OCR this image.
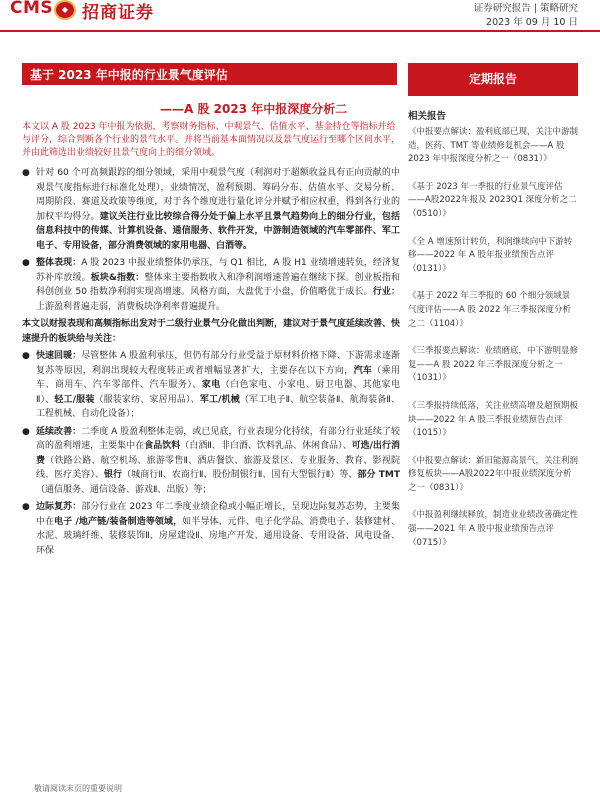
CMS	◆ 招商证券	证券研究报告 | 策略研究
2023 年 09 月 10 日
基于 2023 年中报的行业景气度评估
——A 股 2023 年中报深度分析二
定期报告

本文以 A 股 2023 年中报为依据，考察财务指标、中观景气、估值水平、基金持仓等指标并给与评分，综合判断各个行业的景气水平。并将当前基本面情况以及景气度运行至哪个区间水平，并由此筛选出业绩较好且景气度向上的细分领域。

● 针对 60 个可高频跟踪的细分领域，采用中观景气度（利润对于超额收益具有正向贡献的中观景气度指标进行标准化处理），业绩情况，盈利预期、筹码分布、估值水平、交易分析、周期阶段、赛道及政策等维度，对于各个维度进行量化评分并赋予相应权重，得到各行业的加权平均得分。建议关注行业比较综合得分处于偏上水平且景气趋势向上的细分行业，包括信息科技中的传媒、计算机设备、通信服务、软件开发，中游制造领域的汽车零部件、军工电子、专用设备，部分消费领域的家用电器、白酒等。
● 整体表现：A 股 2023 中报业绩整体仍承压，与 Q1 相比，A 股 H1 业绩增速转负，经济复苏补库放缓。板块&指数：整体来主要指数收入和净利润增速普遍在继续下探。创业板指和科创创业 50 指数净利润实现高增速。风格方面，大盘优于小盘，价值略优于成长。行业：上游盈利普遍走弱，消费板块净利率普遍提升。
本文以财报表现和高频指标出发对于二级行业景气分化做出判断，建议对于景气度延续改善、快速提升的板块给与关注：
● 快速回暖：尽管整体 A 股盈利承压，但仍有部分行业受益于原材料价格下降、下游需求逐渐复苏等原因，利润出现较大程度转正或者增幅显著扩大，主要存在以下方向，汽车（乘用车、商用车、汽车零部件、汽车服务）、家电（白色家电、小家电、厨卫电器、其他家电Ⅱ）、轻工/服装（服装家纺、家居用品）、军工/机械（军工电子Ⅱ、航空装备Ⅱ、航海装备Ⅱ、工程机械、自动化设备）；
● 延续改善：二季度 A 股盈利整体走弱，或已见底，行业表现分化持续，有部分行业延续了较高的盈利增速，主要集中在食品饮料（白酒Ⅱ、非白酒、饮料乳品、休闲食品）、可选/出行消费（铁路公路、航空机场、旅游零售Ⅱ、酒店餐饮、旅游及景区、专业服务、教育、影视院线、医疗美容）、银行（城商行Ⅱ、农商行Ⅱ、股份制银行Ⅱ、国有大型银行Ⅱ）等、部分 TMT（通信服务、通信设备、游戏Ⅱ、出版）等；
● 边际复苏：部分行业在 2023 年二季度业绩企稳或小幅正增长，呈现边际复苏态势，主要集中在电子 /地产链/装备制造等领域，如半导体、元件、电子化学品、消费电子、装修建材、水泥、玻璃纤维、装修装饰Ⅱ、房屋建设Ⅱ、房地产开发、通用设备、专用设备、风电设备、环保
相关报告
《中报要点解读：盈利底部已现，关注中游制造，医药、TMT 等业绩修复机会——A 股 2023 年中报深度分析之一（0831）》
《基于 2023 年一季报的行业景气度评估——A股2022年报及 2023Q1 深度分析之二（0510）》
《全 A 增速预计转负，利润继续向中下游转移——2022 年 A 股年报业绩预告点评（0131）》
《基于 2022 年三季报的 60 个细分领域景气度评估——A 股 2022 年三季报深度分析之二（1104）》
《三季报要点解读：业绩磨底，中下游明显修复——A 股 2022 年三季报深度分析之一（1031）》
《三季报持续低落，关注业绩高增及超预期板块——2022 年 A 股三季报业绩预告点评（1015）》
《中报要点解读：新旧能源高景气，关注利润修复板块——A股2022年中报业绩深度分析之一（0831）》
《中报盈利继续释放，制造业业绩改善确定性强——2021 年 A 股中报业绩预告点评（0715）》
敬请阅读末页的重要说明
